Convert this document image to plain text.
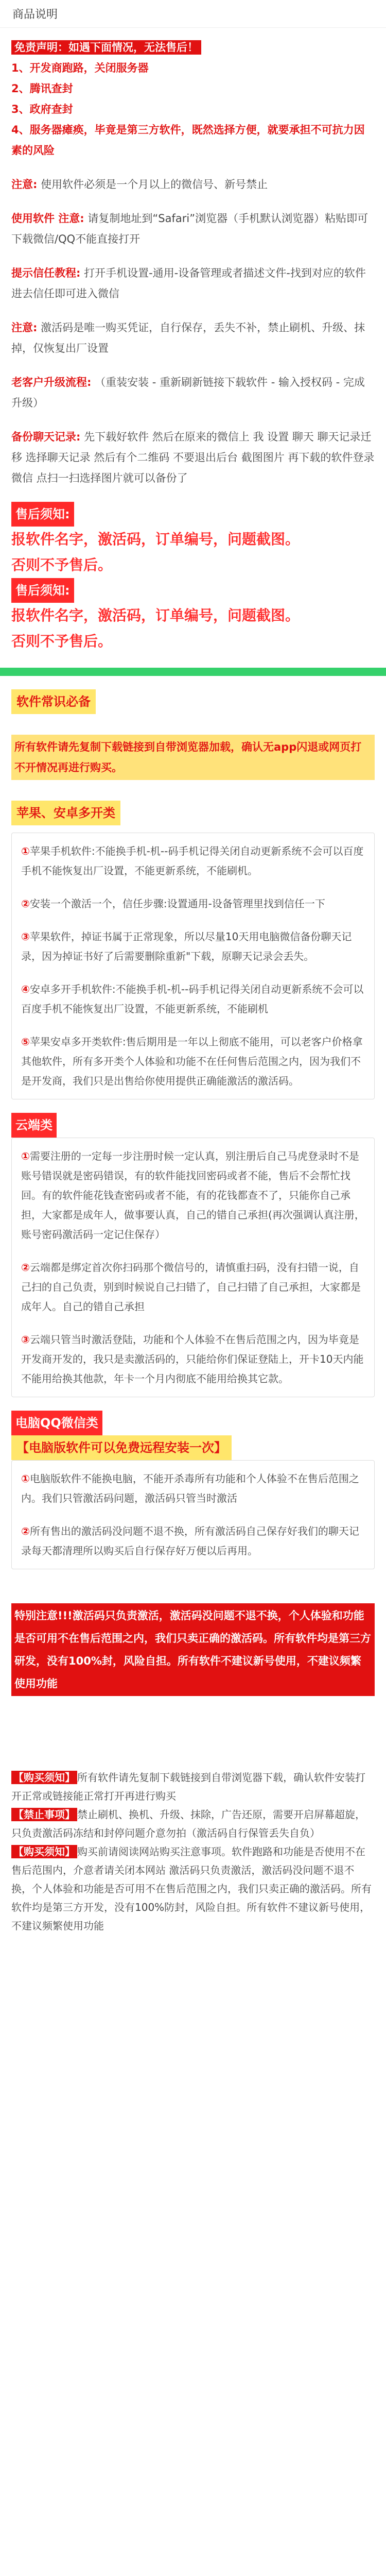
商品说明

免责声明：如遇下面情况，无法售后！

1、开发商跑路，关闭服务器

2、腾讯查封

3、政府查封

4、服务器瘫痪，毕竟是第三方软件，既然选择方便，就要承担不可抗力因素的风险

注意: 使用软件必须是一个月以上的微信号、新号禁止

使用软件 注意: 请复制地址到“Safari”浏览器（手机默认浏览器）粘贴即可下载微信/QQ不能直接打开

提示信任教程: 打开手机设置-通用-设备管理或者描述文件-找到对应的软件进去信任即可进入微信

注意: 激活码是唯一购买凭证，自行保存，丢失不补，禁止刷机、升级、抹掉，仅恢复出厂设置

老客户升级流程: （重装安装 - 重新刷新链接下载软件 - 输入授权码 - 完成升级）

备份聊天记录: 先下载好软件 然后在原来的微信上 我 设置 聊天 聊天记录迁移 选择聊天记录 然后有个二维码 不要退出后台 截图图片 再下载的软件登录微信 点扫一扫选择图片就可以备份了

售后须知:

报软件名字，激活码，订单编号，问题截图。

否则不予售后。

售后须知:

报软件名字，激活码，订单编号，问题截图。

否则不予售后。

软件常识必备

所有软件请先复制下载链接到自带浏览器加载，确认无app闪退或网页打不开情况再进行购买。

苹果、安卓多开类

①苹果手机软件:不能换手机-机--码手机记得关闭自动更新系统不会可以百度手机不能恢复出厂设置，不能更新系统，不能刷机。

②安装一个激活一个，信任步骤:设置通用-设备管理里找到信任一下

③苹果软件，掉证书属于正常现象，所以尽量10天用电脑微信备份聊天记录，因为掉证书好了后需要删除重新"下载，原聊天记录会丢失。

④安卓多开手机软件:不能换手机-机--码手机记得关闭自动更新系统不会可以百度手机不能恢复出厂设置，不能更新系统，不能刷机

⑤苹果安卓多开类软件:售后期用是一年以上彻底不能用，可以老客户价格拿其他软件，所有多开类个人体验和功能不在任何售后范围之内，因为我们不是开发商，我们只是出售给你使用提供正确能激活的激活码。

云端类

①需要注册的一定每一步注册时候一定认真，别注册后自己马虎登录时不是账号错误就是密码错误，有的软件能找回密码或者不能，售后不会帮忙找回。有的软件能花钱查密码或者不能，有的花钱都查不了，只能你自己承担，大家都是成年人，做事要认真，自己的错自己承担(再次强调认真注册，账号密码激活码一定记住保存）

②云端都是绑定首次你扫码那个微信号的，请慎重扫码，没有扫错一说，自己扫的自己负责，别到时候说自己扫错了，自己扫错了自己承担，大家都是成年人。自己的错自己承担

③云端只管当时激活登陆，功能和个人体验不在售后范围之内，因为毕竟是开发商开发的，我只是卖激活码的，只能给你们保证登陆上，开卡10天内能不能用给换其他款，年卡一个月内彻底不能用给换其它款。

电脑QQ微信类

【电脑版软件可以免费远程安装一次】

①电脑版软件不能换电脑，不能开杀毒所有功能和个人体验不在售后范围之内。我们只管激活码问题，激活码只管当时激活

②所有售出的激活码没问题不退不换，所有激活码自己保存好我们的聊天记录每天都清理所以购买后自行保存好万便以后再用。

特别注意!!!激活码只负责激活，激活码没问题不退不换，个人体验和功能是否可用不在售后范围之内，我们只卖正确的激活码。所有软件均是第三方研发，没有100%封，风险自担。所有软件不建议新号使用，不建议频繁使用功能

【购买须知】 所有软件请先复制下载链接到自带浏览器下载，确认软件安装打开正常或链接能正常打开再进行购买

【禁止事项】 禁止刷机、换机、升级、抹除，广告还原，需要开启屏幕超旋，只负责激活码冻结和封停问题介意勿拍（激活码自行保管丢失自负）

【购买须知】 购买前请阅读网站购买注意事项。软件跑路和功能是否使用不在售后范围内，介意者请关闭本网站 激活码只负责激活，激活码没问题不退不换，个人体验和功能是否可用不在售后范围之内，我们只卖正确的激活码。所有软件均是第三方开发，没有100%防封，风险自担。所有软件不建议新号使用，不建议频繁使用功能
